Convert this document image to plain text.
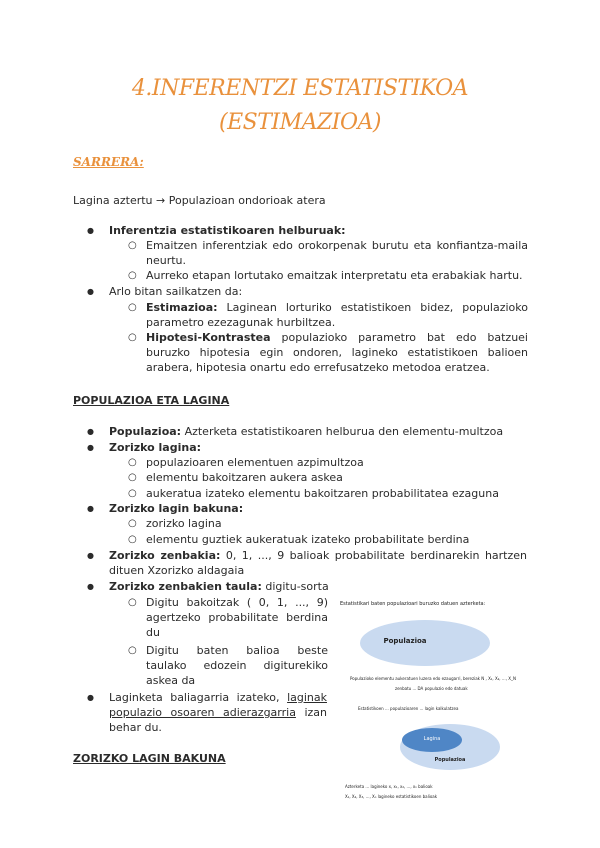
4.INFERENTZI ESTATISTIKOA
(ESTIMAZIOA)
SARRERA:
Lagina aztertu → Populazioan ondorioak atera
● Inferentzia estatistikoaren helburuak:
○ Emaitzen inferentziak edo orokorpenak burutu eta konfiantza-maila neurtu.
○ Aurreko etapan lortutako emaitzak interpretatu eta erabakiak hartu.
● Arlo bitan sailkatzen da:
○ Estimazioa: Laginean lorturiko estatistikoen bidez, populazioko parametro ezezagunak hurbiltzea.
○ Hipotesi-Kontrastea populazioko parametro bat edo batzuei buruzko hipotesia egin ondoren, lagineko estatistikoen balioen arabera, hipotesia onartu edo errefusatzeko metodoa eratzea.
POPULAZIOA ETA LAGINA
● Populazioa: Azterketa estatistikoaren helburua den elementu-multzoa
● Zorizko lagina:
○ populazioaren elementuen azpimultzoa
○ elementu bakoitzaren aukera askea
○ aukeratua izateko elementu bakoitzaren probabilitatea ezaguna
● Zorizko lagin bakuna:
○ zorizko lagina
○ elementu guztiek aukeratuak izateko probabilitate berdina
● Zorizko zenbakia: 0, 1, ..., 9 balioak probabilitate berdinarekin hartzen dituen Xzorizko aldagaia
● Zorizko zenbakien taula: digitu-sorta
○ Digitu bakoitzak ( 0, 1, ..., 9) agertzeko probabilitate berdina du
○ Digitu baten balioa beste taulako edozein digiturekiko askea da
● Laginketa baliagarria izateko, laginak populazio osoaren adierazgarria izan behar du.
ZORIZKO LAGIN BAKUNA
Estatistikari baten populazioari buruzko datuen azterketa:
Populazioa
Populazioko elementu aukeratuen luzera edo ezaugarri, bereziak N , X₁, X₂, ..., X_N
zenbatu ... DA populazio edo datuak
Estatistikoen ... populazioaren ... lagin kalkulatzea
Lagina
Populazioa
Azterketa ... lagineko x, x₁, x₂, ..., xₙ balioak
X₁, X₂, X₃, ..., Xₙ lagineko estatistikoen balioak
